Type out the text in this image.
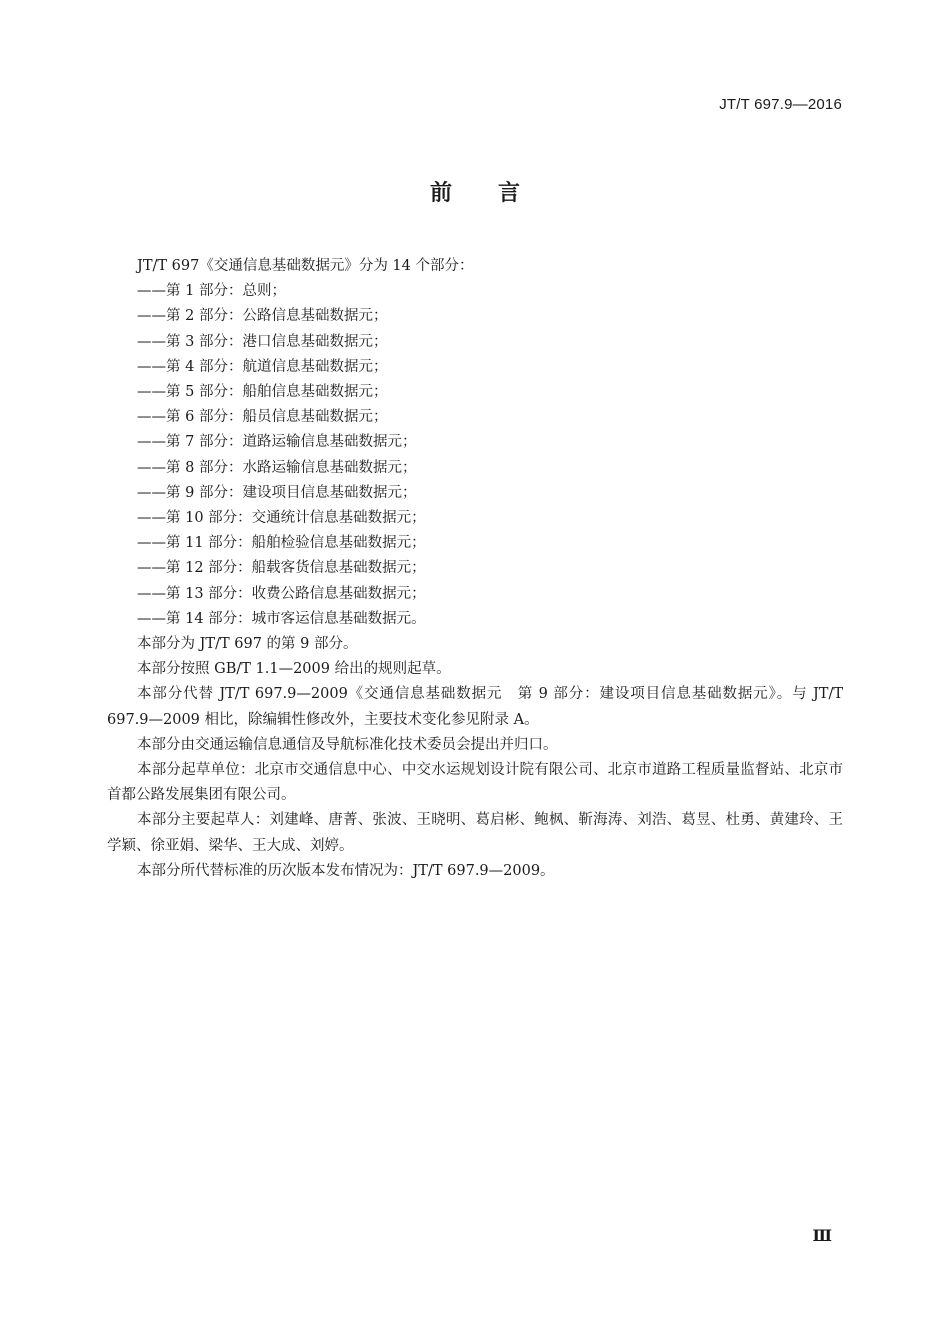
JT/T 697.9—2016
前言
JT/T 697《交通信息基础数据元》分为 14 个部分：
——第 1 部分：总则；
——第 2 部分：公路信息基础数据元；
——第 3 部分：港口信息基础数据元；
——第 4 部分：航道信息基础数据元；
——第 5 部分：船舶信息基础数据元；
——第 6 部分：船员信息基础数据元；
——第 7 部分：道路运输信息基础数据元；
——第 8 部分：水路运输信息基础数据元；
——第 9 部分：建设项目信息基础数据元；
——第 10 部分：交通统计信息基础数据元；
——第 11 部分：船舶检验信息基础数据元；
——第 12 部分：船载客货信息基础数据元；
——第 13 部分：收费公路信息基础数据元；
——第 14 部分：城市客运信息基础数据元。
本部分为 JT/T 697 的第 9 部分。
本部分按照 GB/T 1.1—2009 给出的规则起草。
本部分代替 JT/T 697.9—2009《交通信息基础数据元　第 9 部分：建设项目信息基础数据元》。与 JT/T 697.9—2009 相比，除编辑性修改外，主要技术变化参见附录 A。
本部分由交通运输信息通信及导航标准化技术委员会提出并归口。
本部分起草单位：北京市交通信息中心、中交水运规划设计院有限公司、北京市道路工程质量监督站、北京市首都公路发展集团有限公司。
本部分主要起草人：刘建峰、唐菁、张波、王晓明、葛启彬、鲍枫、靳海涛、刘浩、葛昱、杜勇、黄建玲、王学颖、徐亚娟、梁华、王大成、刘婷。
本部分所代替标准的历次版本发布情况为：JT/T 697.9—2009。
Ⅲ
